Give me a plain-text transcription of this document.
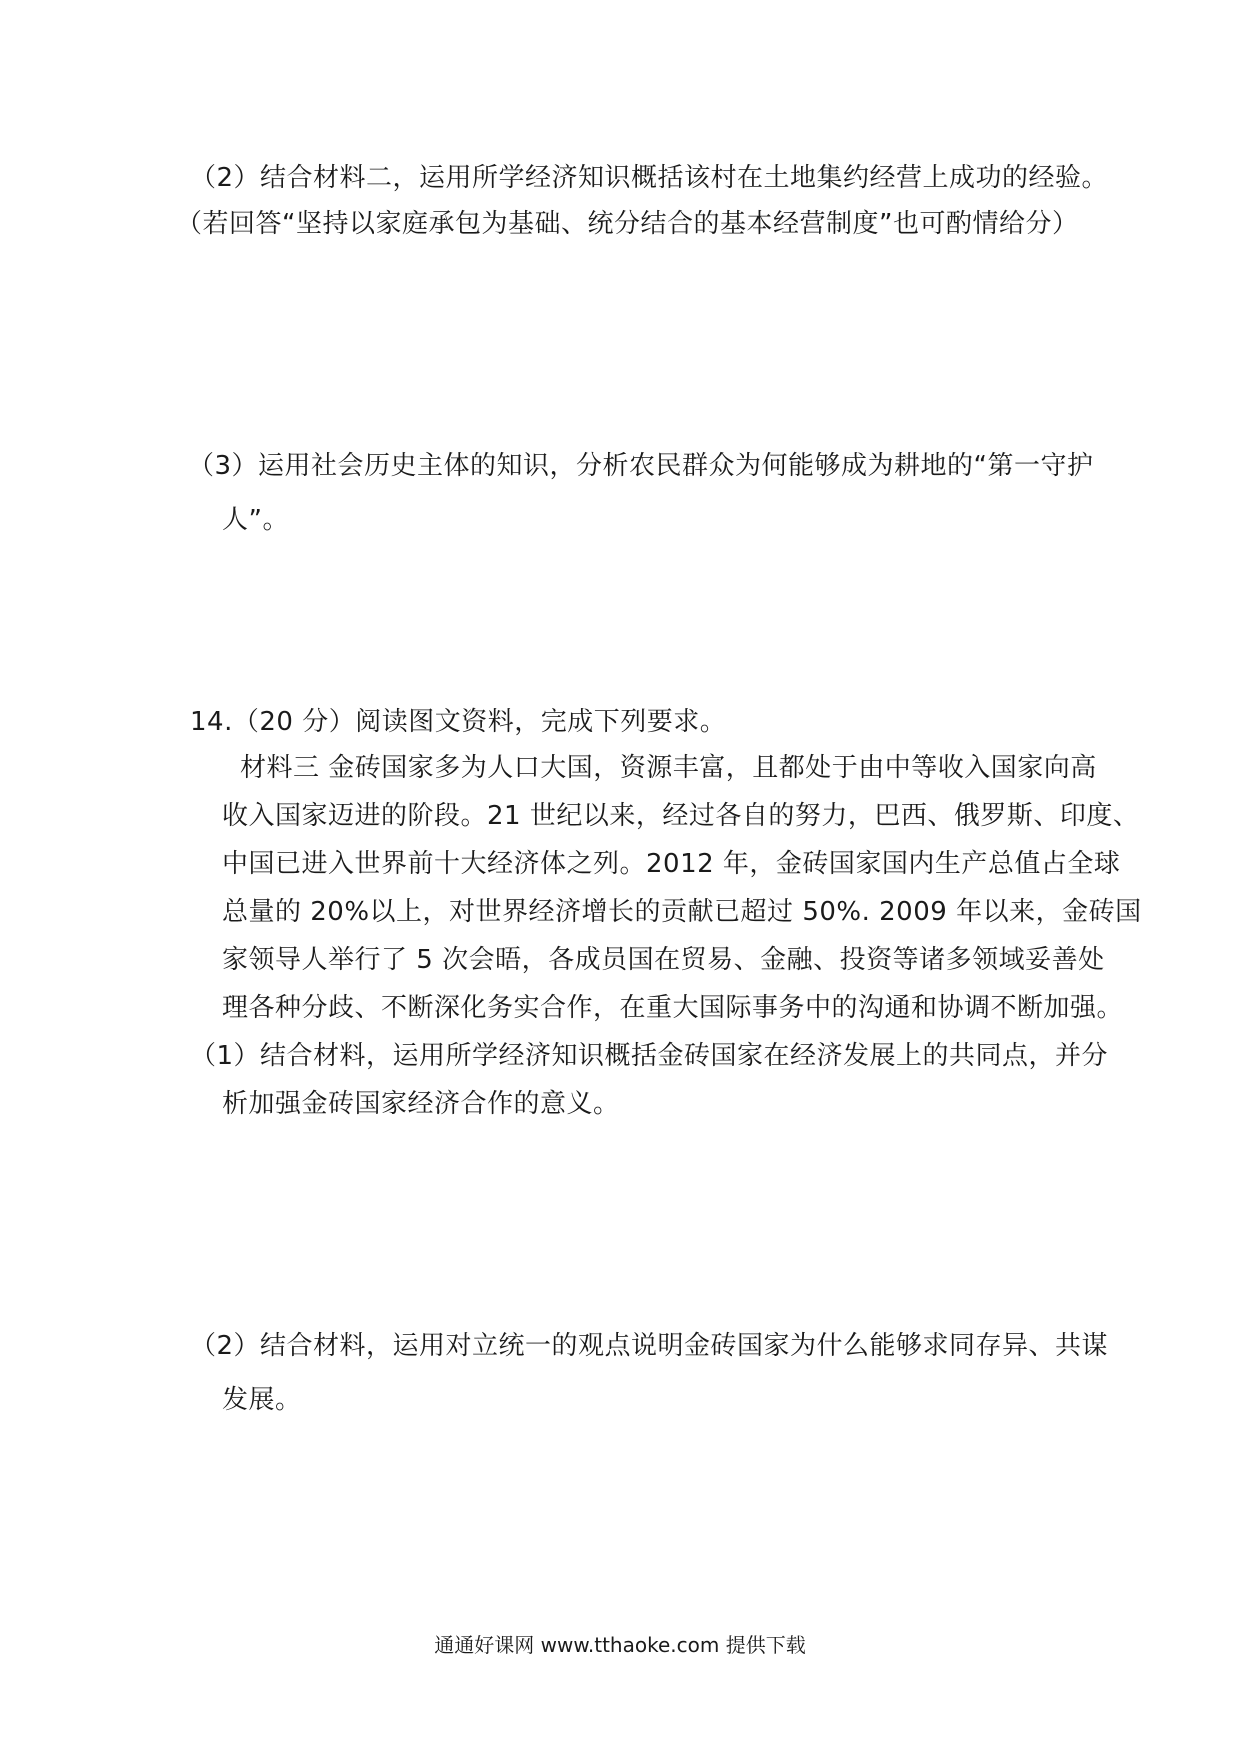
（2）结合材料二，运用所学经济知识概括该村在土地集约经营上成功的经验。
（若回答“坚持以家庭承包为基础、统分结合的基本经营制度”也可酌情给分）
（3）运用社会历史主体的知识，分析农民群众为何能够成为耕地的“第一守护
人”。
14.（20 分）阅读图文资料，完成下列要求。
材料三 金砖国家多为人口大国，资源丰富，且都处于由中等收入国家向高
收入国家迈进的阶段。21 世纪以来，经过各自的努力，巴西、俄罗斯、印度、
中国已进入世界前十大经济体之列。2012 年，金砖国家国内生产总值占全球
总量的 20%以上，对世界经济增长的贡献已超过 50%. 2009 年以来，金砖国
家领导人举行了 5 次会晤，各成员国在贸易、金融、投资等诸多领域妥善处
理各种分歧、不断深化务实合作，在重大国际事务中的沟通和协调不断加强。
（1）结合材料，运用所学经济知识概括金砖国家在经济发展上的共同点，并分
析加强金砖国家经济合作的意义。
（2）结合材料，运用对立统一的观点说明金砖国家为什么能够求同存异、共谋
发展。
通通好课网 www.tthaoke.com 提供下载
